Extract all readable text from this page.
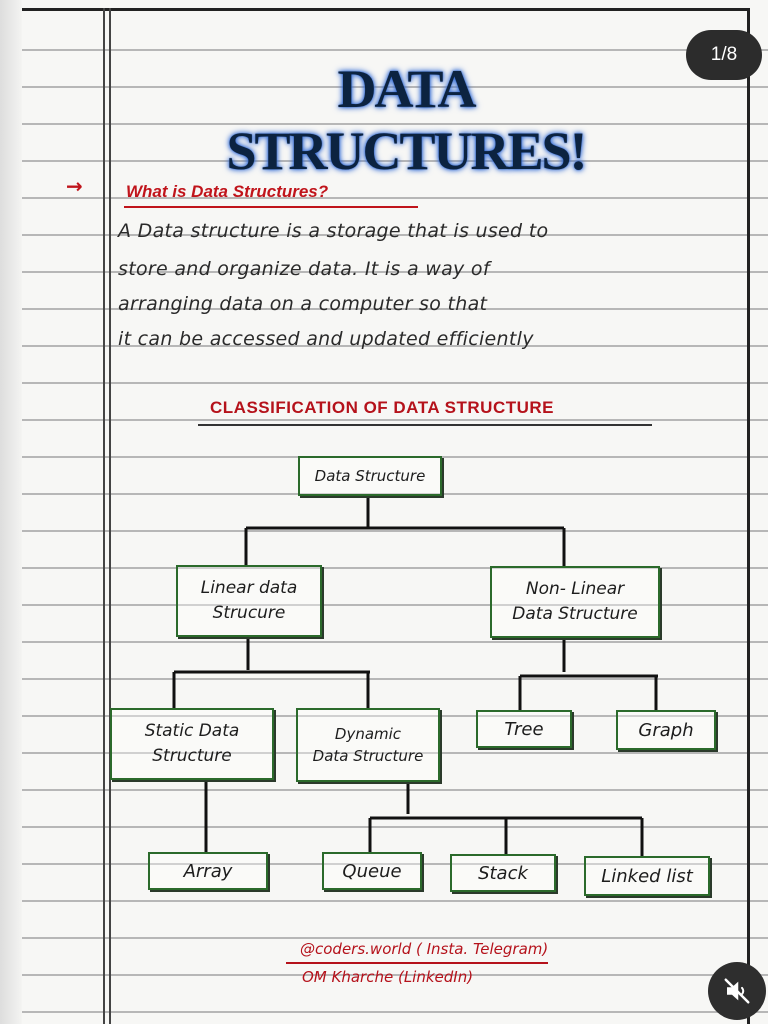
DATA STRUCTURES!
→	What is Data Structures?
A Data structure is a storage that is used to
store and organize data. It is a way of
arranging data on a computer so that
it can be accessed and updated efficiently
CLASSIFICATION OF DATA STRUCTURE
Data Structure
Linear data
Strucure
Non- Linear
Data Structure
Static Data
Structure
Dynamic
Data Structure
Tree	Graph
Array	Queue	Stack	Linked list
@coders.world ( Insta. Telegram)
OM Kharche (LinkedIn)
1/8
